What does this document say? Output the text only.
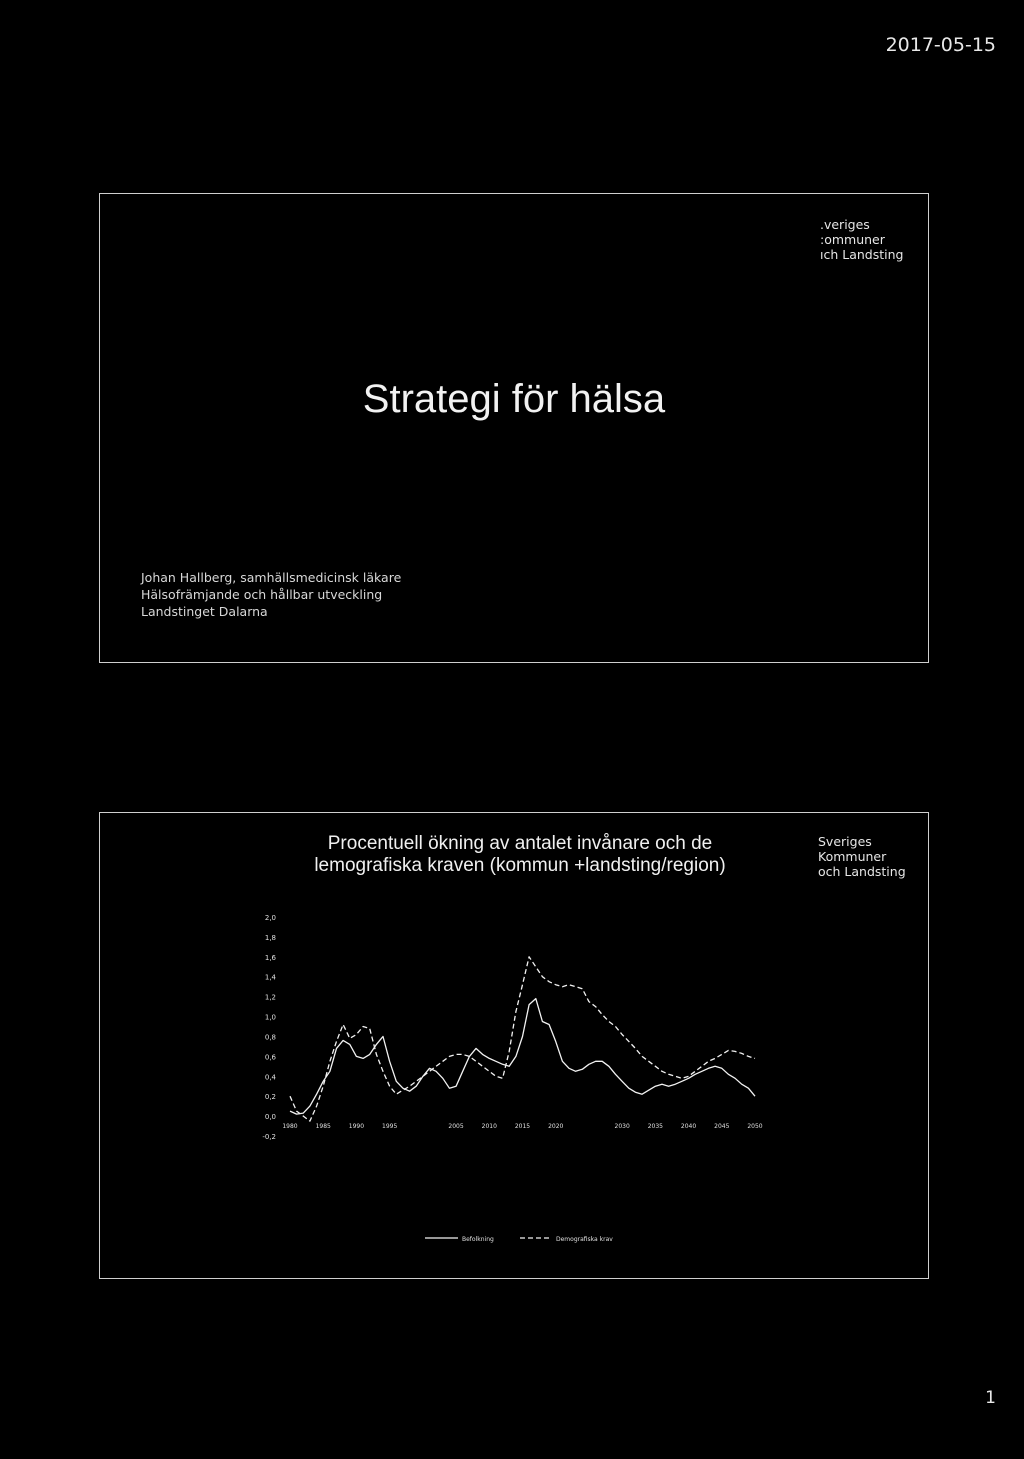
2017-05-15
.veriges
:ommuner
ıch Landsting
Strategi för hälsa
Johan Hallberg, samhällsmedicinsk läkare
Hälsofrämjande och hållbar utveckling
Landstinget Dalarna
Procentuell ökning av antalet invånare och de
lemografiska kraven (kommun +landsting/region)
Sveriges
Kommuner
och Landsting
2,0
1,8
1,6
1,4
1,2
1,0
0,8
0,6
0,4
0,2
0,0
-0,2
1980	1985	1990	1995	2005	2010	2015	2020	2030	2035	2040	2045	2050
Befolkning	Demografiska krav
1
